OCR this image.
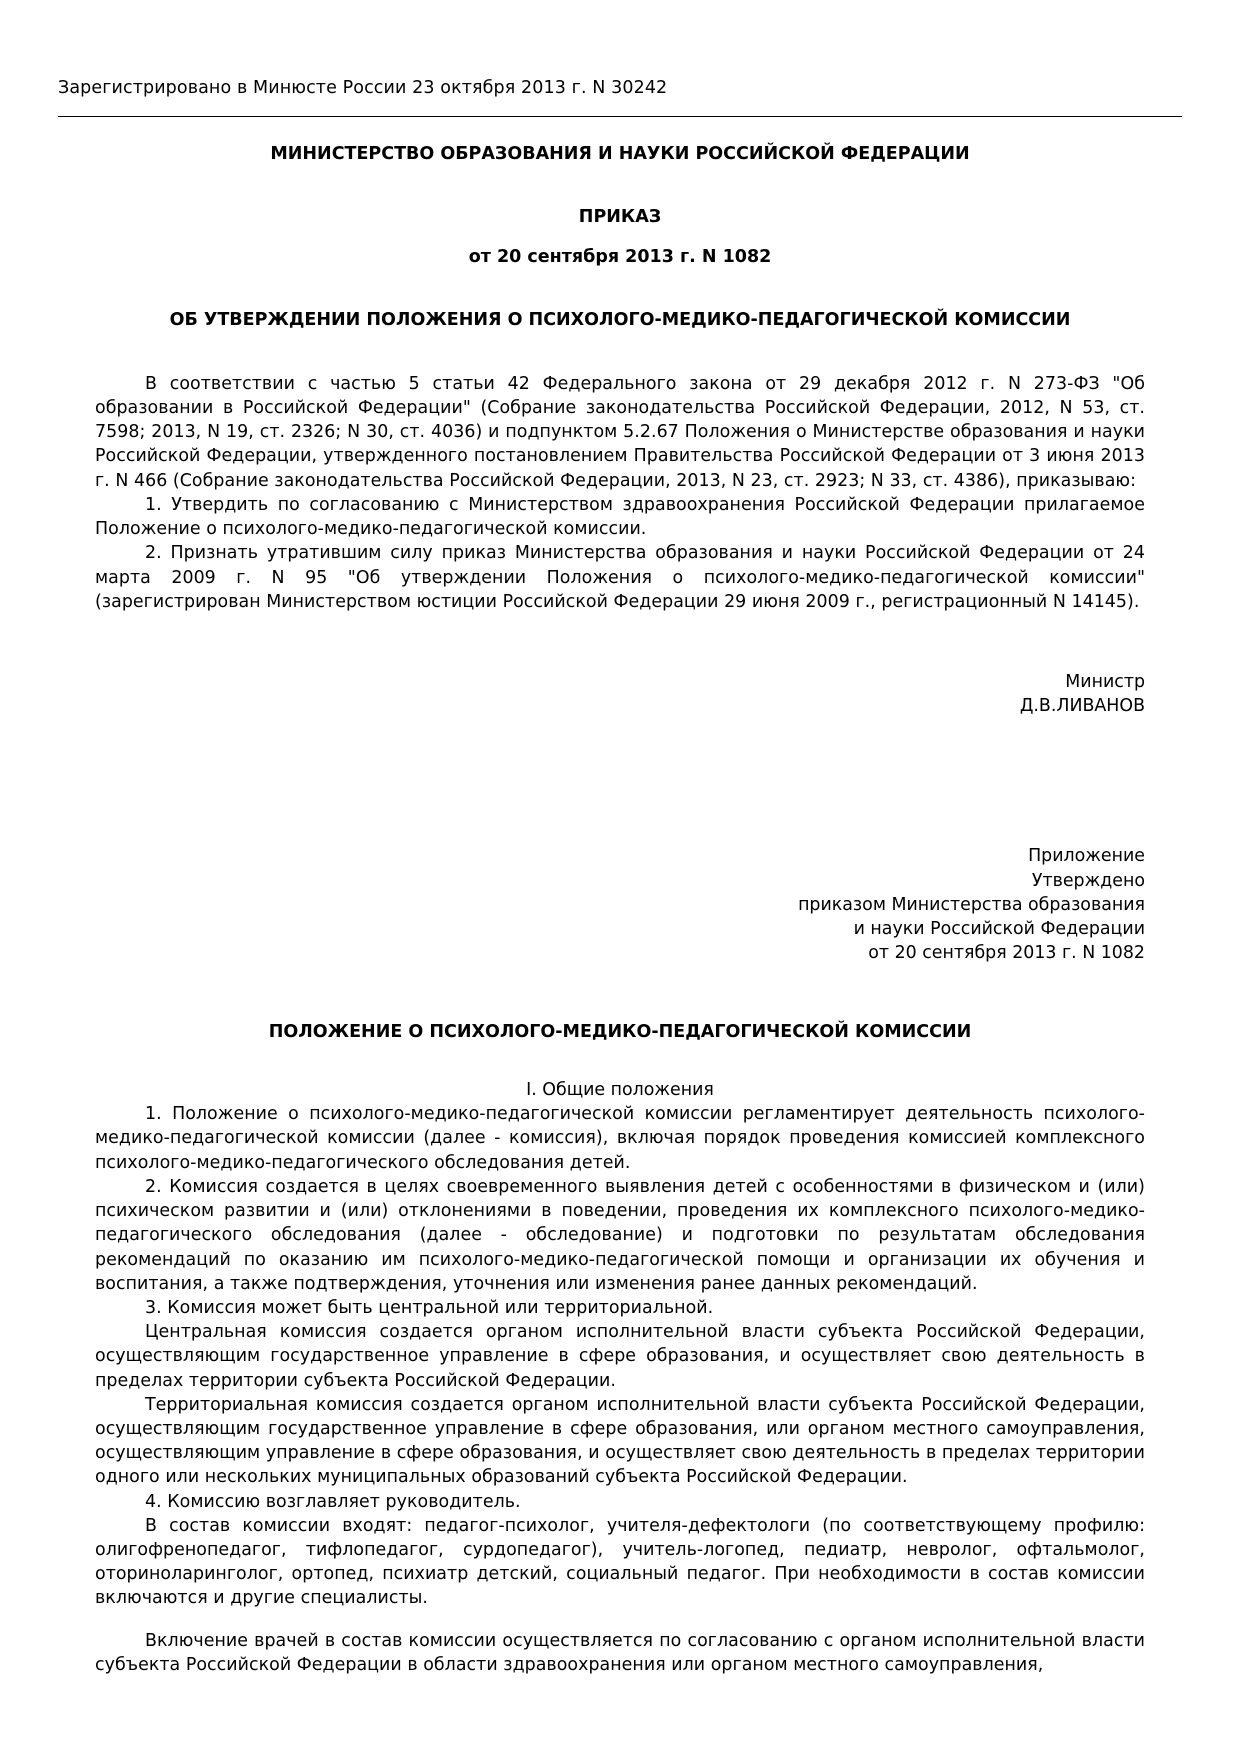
Зарегистрировано в Минюсте России 23 октября 2013 г. N 30242
МИНИСТЕРСТВО ОБРАЗОВАНИЯ И НАУКИ РОССИЙСКОЙ ФЕДЕРАЦИИ
ПРИКАЗ
от 20 сентября 2013 г. N 1082
ОБ УТВЕРЖДЕНИИ ПОЛОЖЕНИЯ О ПСИХОЛОГО-МЕДИКО-ПЕДАГОГИЧЕСКОЙ КОМИССИИ

В соответствии с частью 5 статьи 42 Федерального закона от 29 декабря 2012 г. N 273-ФЗ "Об образовании в Российской Федерации" (Собрание законодательства Российской Федерации, 2012, N 53, ст. 7598; 2013, N 19, ст. 2326; N 30, ст. 4036) и подпунктом 5.2.67 Положения о Министерстве образования и науки Российской Федерации, утвержденного постановлением Правительства Российской Федерации от 3 июня 2013 г. N 466 (Собрание законодательства Российской Федерации, 2013, N 23, ст. 2923; N 33, ст. 4386), приказываю:

1. Утвердить по согласованию с Министерством здравоохранения Российской Федерации прилагаемое Положение о психолого-медико-педагогической комиссии.

2. Признать утратившим силу приказ Министерства образования и науки Российской Федерации от 24 марта 2009 г. N 95 "Об утверждении Положения о психолого-медико-педагогической комиссии" (зарегистрирован Министерством юстиции Российской Федерации 29 июня 2009 г., регистрационный N 14145).

Министр
Д.В.ЛИВАНОВ
Приложение
Утверждено
приказом Министерства образования
и науки Российской Федерации
от 20 сентября 2013 г. N 1082
ПОЛОЖЕНИЕ О ПСИХОЛОГО-МЕДИКО-ПЕДАГОГИЧЕСКОЙ КОМИССИИ
I. Общие положения

1. Положение о психолого-медико-педагогической комиссии регламентирует деятельность психолого-медико-педагогической комиссии (далее - комиссия), включая порядок проведения комиссией комплексного психолого-медико-педагогического обследования детей.

2. Комиссия создается в целях своевременного выявления детей с особенностями в физическом и (или) психическом развитии и (или) отклонениями в поведении, проведения их комплексного психолого-медико-педагогического обследования (далее - обследование) и подготовки по результатам обследования рекомендаций по оказанию им психолого-медико-педагогической помощи и организации их обучения и воспитания, а также подтверждения, уточнения или изменения ранее данных рекомендаций.

3. Комиссия может быть центральной или территориальной.

Центральная комиссия создается органом исполнительной власти субъекта Российской Федерации, осуществляющим государственное управление в сфере образования, и осуществляет свою деятельность в пределах территории субъекта Российской Федерации.

Территориальная комиссия создается органом исполнительной власти субъекта Российской Федерации, осуществляющим государственное управление в сфере образования, или органом местного самоуправления, осуществляющим управление в сфере образования, и осуществляет свою деятельность в пределах территории одного или нескольких муниципальных образований субъекта Российской Федерации.

4. Комиссию возглавляет руководитель.

В состав комиссии входят: педагог-психолог, учителя-дефектологи (по соответствующему профилю: олигофренопедагог, тифлопедагог, сурдопедагог), учитель-логопед, педиатр, невролог, офтальмолог, оториноларинголог, ортопед, психиатр детский, социальный педагог. При необходимости в состав комиссии включаются и другие специалисты.

Включение врачей в состав комиссии осуществляется по согласованию с органом исполнительной власти субъекта Российской Федерации в области здравоохранения или органом местного самоуправления,
